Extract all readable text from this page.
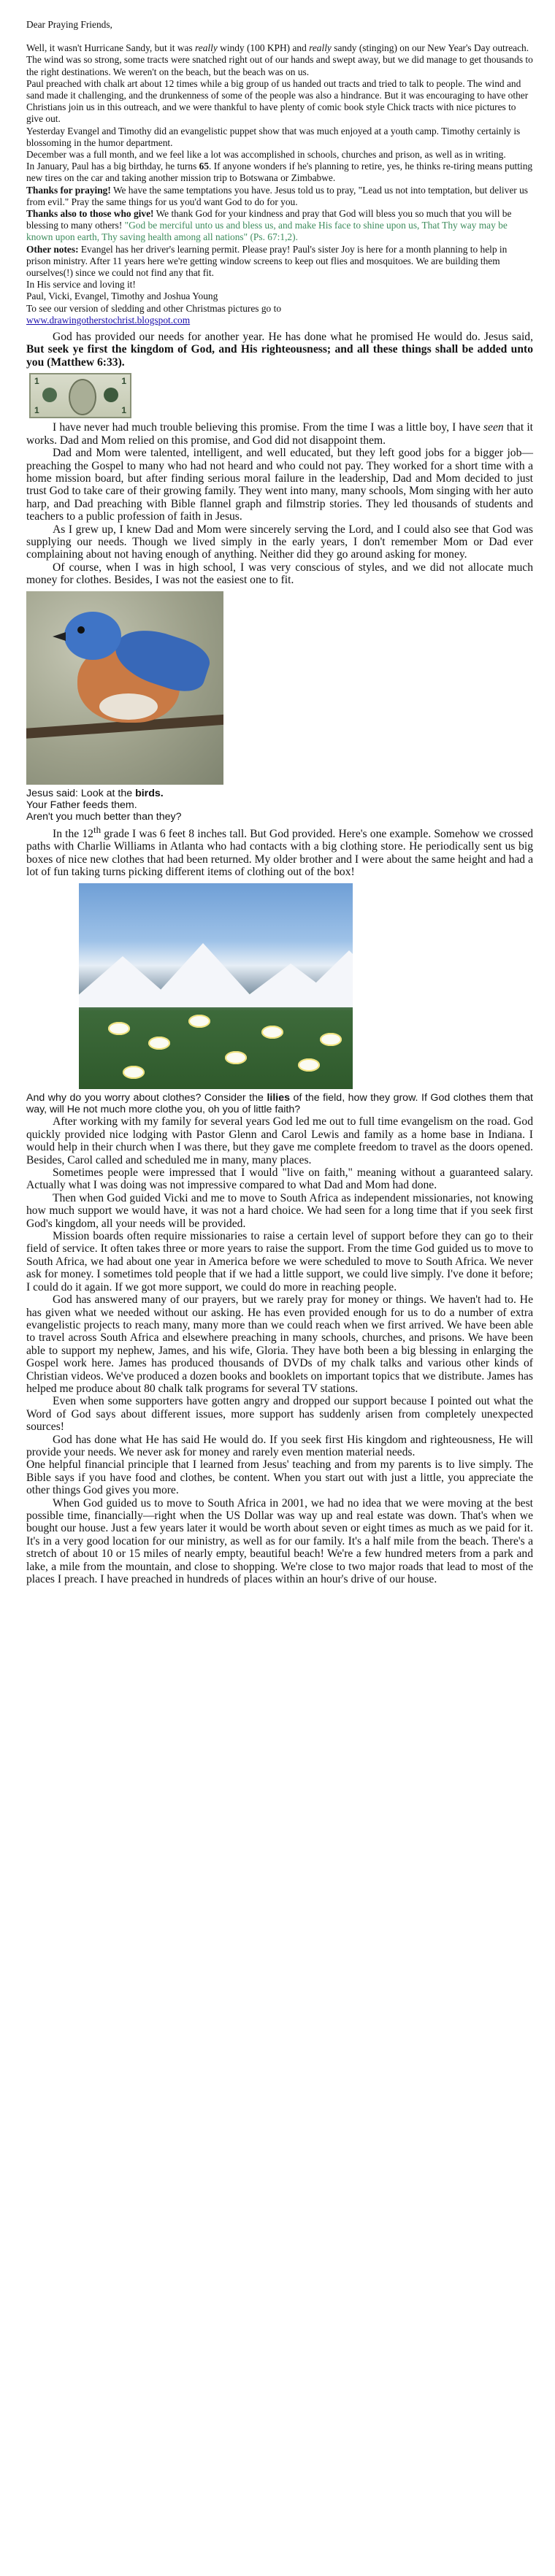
Dear Praying Friends,

Well, it wasn't Hurricane Sandy, but it was really windy (100 KPH) and really sandy (stinging) on our New Year's Day outreach. The wind was so strong, some tracts were snatched right out of our hands and swept away, but we did manage to get thousands to the right destinations. We weren't on the beach, but the beach was on us.

Paul preached with chalk art about 12 times while a big group of us handed out tracts and tried to talk to people. The wind and sand made it challenging, and the drunkenness of some of the people was also a hindrance. But it was encouraging to have other Christians join us in this outreach, and we were thankful to have plenty of comic book style Chick tracts with nice pictures to give out.

Yesterday Evangel and Timothy did an evangelistic puppet show that was much enjoyed at a youth camp. Timothy certainly is blossoming in the humor department.

December was a full month, and we feel like a lot was accomplished in schools, churches and prison, as well as in writing.

In January, Paul has a big birthday, he turns 65. If anyone wonders if he's planning to retire, yes, he thinks re-tiring means putting new tires on the car and taking another mission trip to Botswana or Zimbabwe.

Thanks for praying! We have the same temptations you have. Jesus told us to pray, "Lead us not into temptation, but deliver us from evil." Pray the same things for us you'd want God to do for you.

Thanks also to those who give! We thank God for your kindness and pray that God will bless you so much that you will be blessing to many others! "God be merciful unto us and bless us, and make His face to shine upon us, That Thy way may be known upon earth, Thy saving health among all nations" (Ps. 67:1,2).

Other notes: Evangel has her driver's learning permit. Please pray! Paul's sister Joy is here for a month planning to help in prison ministry. After 11 years here we're getting window screens to keep out flies and mosquitoes. We are building them ourselves(!) since we could not find any that fit.

In His service and loving it!

Paul, Vicki, Evangel, Timothy and Joshua Young

To see our version of sledding and other Christmas pictures go to

www.drawingotherstochrist.blogspot.com

God has provided our needs for another year. He has done what he promised He would do. Jesus said, But seek ye first the kingdom of God, and His righteousness; and all these things shall be added unto you (Matthew 6:33).

1	1
1	1

I have never had much trouble believing this promise. From the time I was a little boy, I have seen that it works. Dad and Mom relied on this promise, and God did not disappoint them.

Dad and Mom were talented, intelligent, and well educated, but they left good jobs for a bigger job—preaching the Gospel to many who had not heard and who could not pay. They worked for a short time with a home mission board, but after finding serious moral failure in the leadership, Dad and Mom decided to just trust God to take care of their growing family. They went into many, many schools, Mom singing with her auto harp, and Dad preaching with Bible flannel graph and filmstrip stories. They led thousands of students and teachers to a public profession of faith in Jesus.

As I grew up, I knew Dad and Mom were sincerely serving the Lord, and I could also see that God was supplying our needs. Though we lived simply in the early years, I don't remember Mom or Dad ever complaining about not having enough of anything. Neither did they go around asking for money.

Of course, when I was in high school, I was very conscious of styles, and we did not allocate much money for clothes. Besides, I was not the easiest one to fit.

Jesus said: Look at the birds.

Your Father feeds them.

Aren't you much better than they?

In the 12th grade I was 6 feet 8 inches tall. But God provided. Here's one example. Somehow we crossed paths with Charlie Williams in Atlanta who had contacts with a big clothing store. He periodically sent us big boxes of nice new clothes that had been returned. My older brother and I were about the same height and had a lot of fun taking turns picking different items of clothing out of the box!

And why do you worry about clothes? Consider the lilies of the field, how they grow. If God clothes them that way, will He not much more clothe you, oh you of little faith?

After working with my family for several years God led me out to full time evangelism on the road. God quickly provided nice lodging with Pastor Glenn and Carol Lewis and family as a home base in Indiana. I would help in their church when I was there, but they gave me complete freedom to travel as the doors opened. Besides, Carol called and scheduled me in many, many places.

Sometimes people were impressed that I would "live on faith," meaning without a guaranteed salary. Actually what I was doing was not impressive compared to what Dad and Mom had done.

Then when God guided Vicki and me to move to South Africa as independent missionaries, not knowing how much support we would have, it was not a hard choice. We had seen for a long time that if you seek first God's kingdom, all your needs will be provided.

Mission boards often require missionaries to raise a certain level of support before they can go to their field of service. It often takes three or more years to raise the support. From the time God guided us to move to South Africa, we had about one year in America before we were scheduled to move to South Africa. We never ask for money. I sometimes told people that if we had a little support, we could live simply. I've done it before; I could do it again. If we got more support, we could do more in reaching people.

God has answered many of our prayers, but we rarely pray for money or things. We haven't had to. He has given what we needed without our asking. He has even provided enough for us to do a number of extra evangelistic projects to reach many, many more than we could reach when we first arrived. We have been able to travel across South Africa and elsewhere preaching in many schools, churches, and prisons. We have been able to support my nephew, James, and his wife, Gloria. They have both been a big blessing in enlarging the Gospel work here. James has produced thousands of DVDs of my chalk talks and various other kinds of Christian videos. We've produced a dozen books and booklets on important topics that we distribute. James has helped me produce about 80 chalk talk programs for several TV stations.

Even when some supporters have gotten angry and dropped our support because I pointed out what the Word of God says about different issues, more support has suddenly arisen from completely unexpected sources!

God has done what He has said He would do. If you seek first His kingdom and righteousness, He will provide your needs. We never ask for money and rarely even mention material needs.

One helpful financial principle that I learned from Jesus' teaching and from my parents is to live simply. The Bible says if you have food and clothes, be content. When you start out with just a little, you appreciate the other things God gives you more.

When God guided us to move to South Africa in 2001, we had no idea that we were moving at the best possible time, financially—right when the US Dollar was way up and real estate was down. That's when we bought our house. Just a few years later it would be worth about seven or eight times as much as we paid for it. It's in a very good location for our ministry, as well as for our family. It's a half mile from the beach. There's a stretch of about 10 or 15 miles of nearly empty, beautiful beach! We're a few hundred meters from a park and lake, a mile from the mountain, and close to shopping. We're close to two major roads that lead to most of the places I preach. I have preached in hundreds of places within an hour's drive of our house.
